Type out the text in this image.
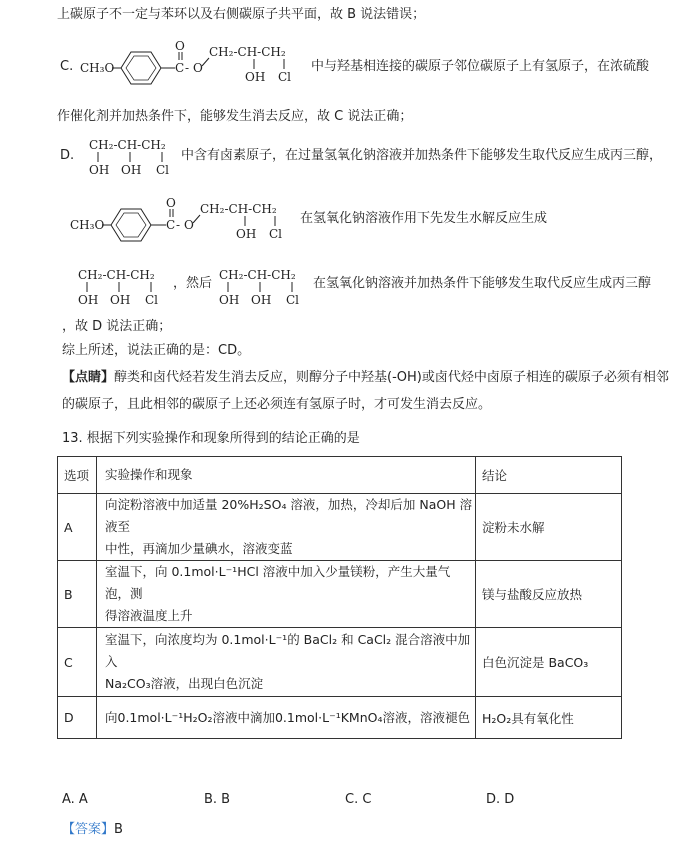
上碳原子不一定与苯环以及右侧碳原子共平面，故 B 说法错误；
C. CH₃O	C
O
- O
CH₂-CH-CH₂
OH Cl
中与羟基相连接的碳原子邻位碳原子上有氢原子，在浓硫酸
作催化剂并加热条件下，能够发生消去反应，故 C 说法正确；
D.
CH₂-CH-CH₂
OH OH Cl
中含有卤素原子，在过量氢氧化钠溶液并加热条件下能够发生取代反应生成丙三醇，
CH₃O	C
O
- O
CH₂-CH-CH₂
OH Cl
在氢氧化钠溶液作用下先发生水解反应生成
CH₂-CH-CH₂
OH OH Cl
，然后
CH₂-CH-CH₂
OH OH Cl
在氢氧化钠溶液并加热条件下能够发生取代反应生成丙三醇
，故 D 说法正确；
综上所述，说法正确的是：CD。
【点睛】醇类和卤代烃若发生消去反应，则醇分子中羟基(-OH)或卤代烃中卤原子相连的碳原子必须有相邻
的碳原子，且此相邻的碳原子上还必须连有氢原子时，才可发生消去反应。
13. 根据下列实验操作和现象所得到的结论正确的是
选项	实验操作和现象	结论
A	向淀粉溶液中加适量 20%H₂SO₄ 溶液，加热，冷却后加 NaOH 溶液至
中性，再滴加少量碘水，溶液变蓝	淀粉未水解
B	室温下，向 0.1mol·L⁻¹HCl 溶液中加入少量镁粉，产生大量气泡，测
得溶液温度上升	镁与盐酸反应放热
C	室温下，向浓度均为 0.1mol·L⁻¹的 BaCl₂ 和 CaCl₂ 混合溶液中加入
Na₂CO₃溶液，出现白色沉淀	白色沉淀是 BaCO₃
D	向0.1mol·L⁻¹H₂O₂溶液中滴加0.1mol·L⁻¹KMnO₄溶液，溶液褪色	H₂O₂具有氧化性
A. A	B. B	C. C	D. D
【答案】B
